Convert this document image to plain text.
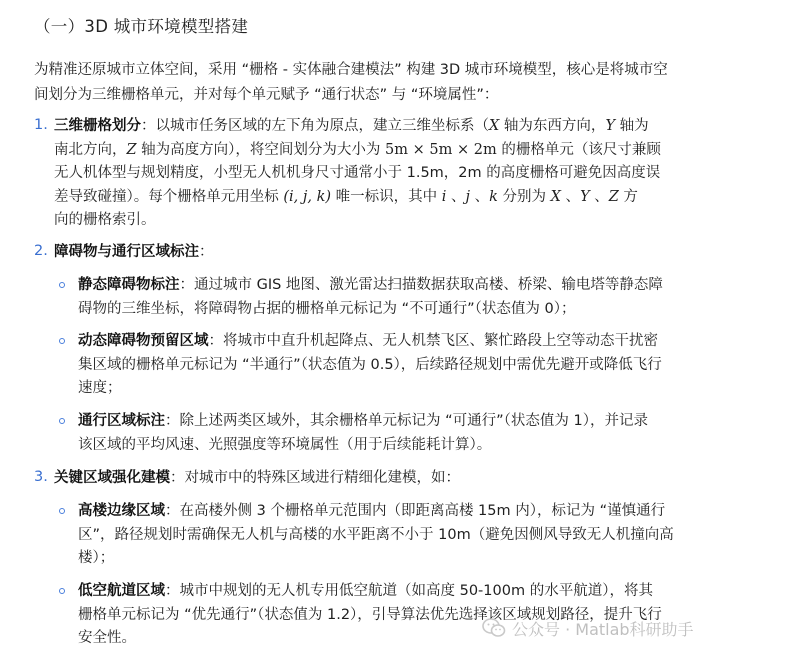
（一）3D 城市环境模型搭建
为精准还原城市立体空间，采用 “栅格 - 实体融合建模法” 构建 3D 城市环境模型，核心是将城市空
间划分为三维栅格单元，并对每个单元赋予 “通行状态” 与 “环境属性”：
1. 三维栅格划分：以城市任务区域的左下角为原点，建立三维坐标系（X 轴为东西方向，Y 轴为
南北方向，Z 轴为高度方向），将空间划分为大小为 5m × 5m × 2m 的栅格单元（该尺寸兼顾
无人机体型与规划精度，小型无人机机身尺寸通常小于 1.5m，2m 的高度栅格可避免因高度误
差导致碰撞）。每个栅格单元用坐标 (i, j, k) 唯一标识，其中 i 、j 、k 分别为 X 、Y 、Z 方
向的栅格索引。
2. 障碍物与通行区域标注：
静态障碍物标注：通过城市 GIS 地图、激光雷达扫描数据获取高楼、桥梁、输电塔等静态障
碍物的三维坐标，将障碍物占据的栅格单元标记为 “不可通行”（状态值为 0）；
动态障碍物预留区域：将城市中直升机起降点、无人机禁飞区、繁忙路段上空等动态干扰密
集区域的栅格单元标记为 “半通行”（状态值为 0.5），后续路径规划中需优先避开或降低飞行
速度；
通行区域标注：除上述两类区域外，其余栅格单元标记为 “可通行”（状态值为 1），并记录
该区域的平均风速、光照强度等环境属性（用于后续能耗计算）。
3. 关键区域强化建模：对城市中的特殊区域进行精细化建模，如：
高楼边缘区域：在高楼外侧 3 个栅格单元范围内（即距离高楼 15m 内），标记为 “谨慎通行
区”，路径规划时需确保无人机与高楼的水平距离不小于 10m（避免因侧风导致无人机撞向高
楼）；
低空航道区域：城市中规划的无人机专用低空航道（如高度 50-100m 的水平航道），将其
栅格单元标记为 “优先通行”（状态值为 1.2），引导算法优先选择该区域规划路径，提升飞行
安全性。	公众号 · Matlab科研助手
